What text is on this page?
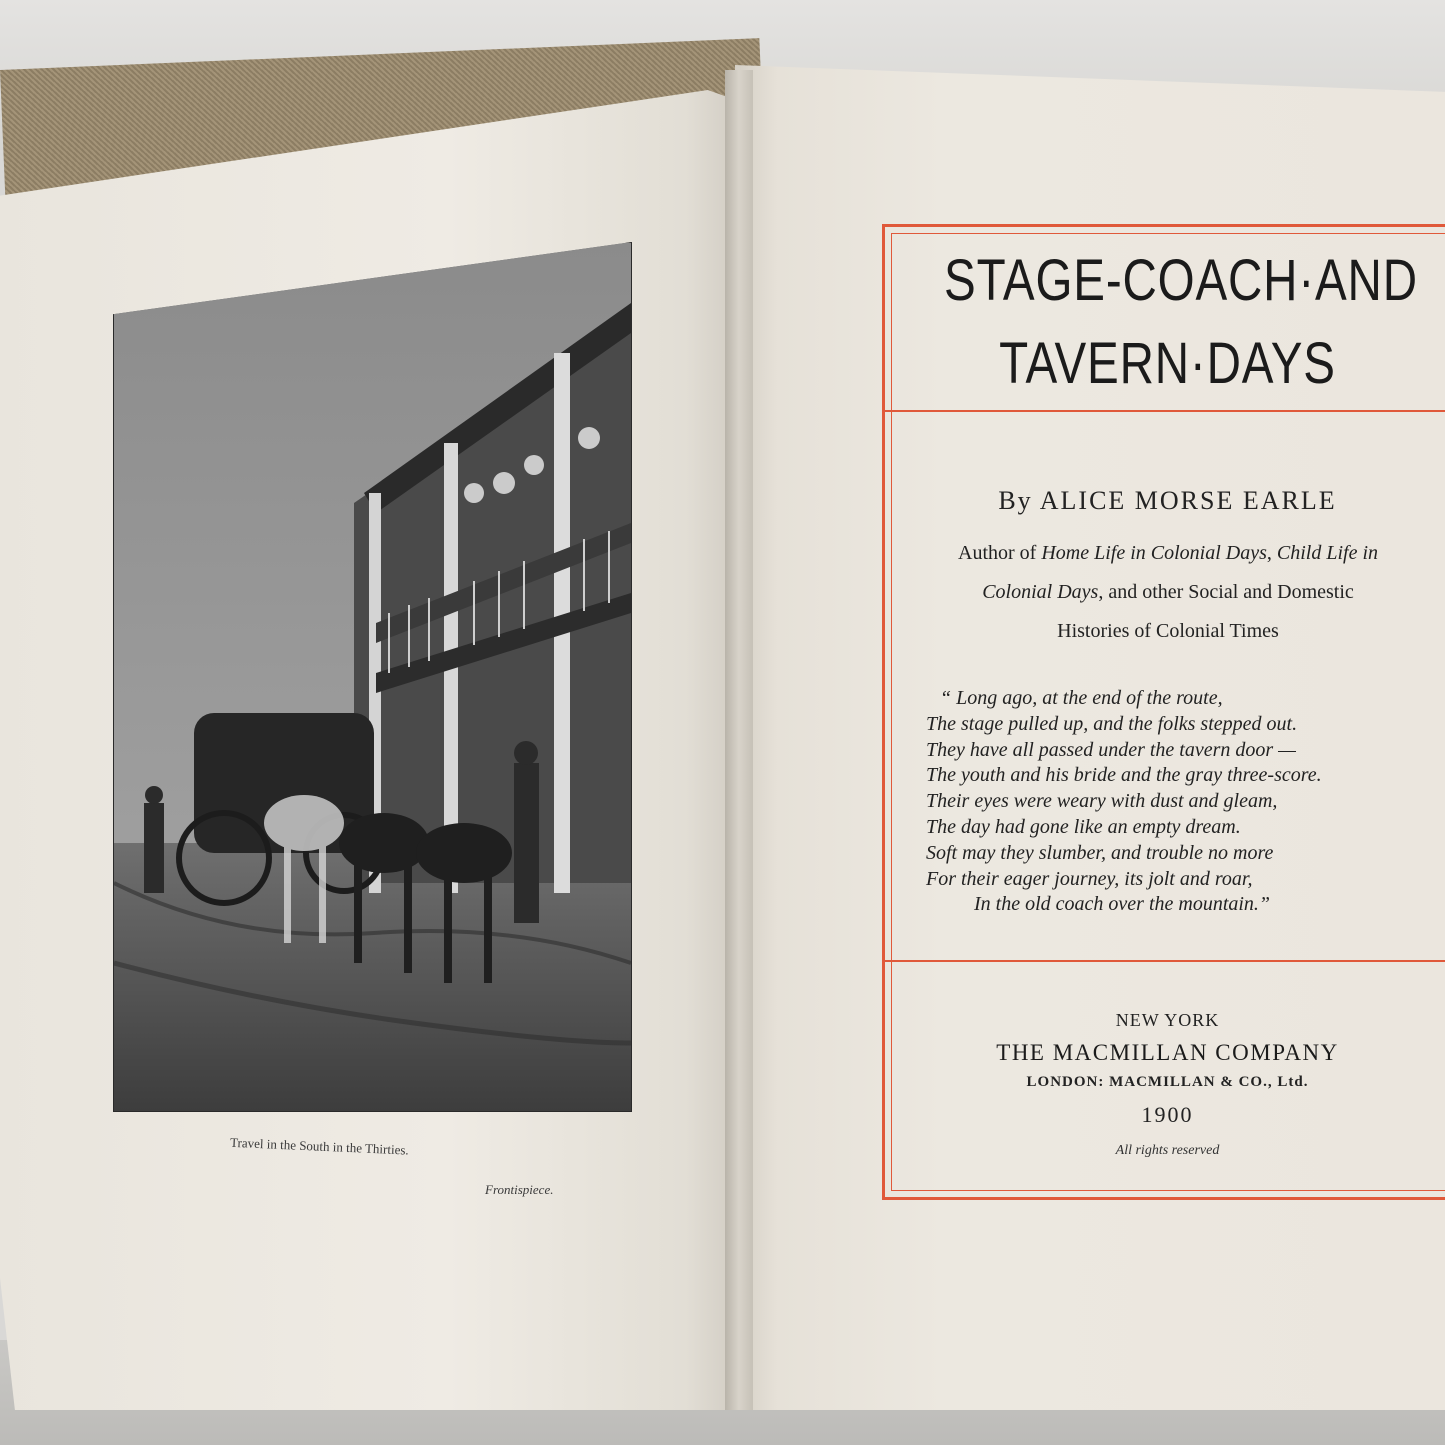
Travel in the South in the Thirties.
Frontispiece.
STAGE-COACH·AND
TAVERN·DAYS
By ALICE MORSE EARLE
Author of Home Life in Colonial Days, Child Life in
Colonial Days, and other Social and Domestic
Histories of Colonial Times
“ Long ago, at the end of the route,
The stage pulled up, and the folks stepped out.
They have all passed under the tavern door —
The youth and his bride and the gray three-score.
Their eyes were weary with dust and gleam,
The day had gone like an empty dream.
Soft may they slumber, and trouble no more
For their eager journey, its jolt and roar,
In the old coach over the mountain.”
NEW YORK
THE MACMILLAN COMPANY
LONDON: MACMILLAN & CO., Ltd.
1900
All rights reserved
